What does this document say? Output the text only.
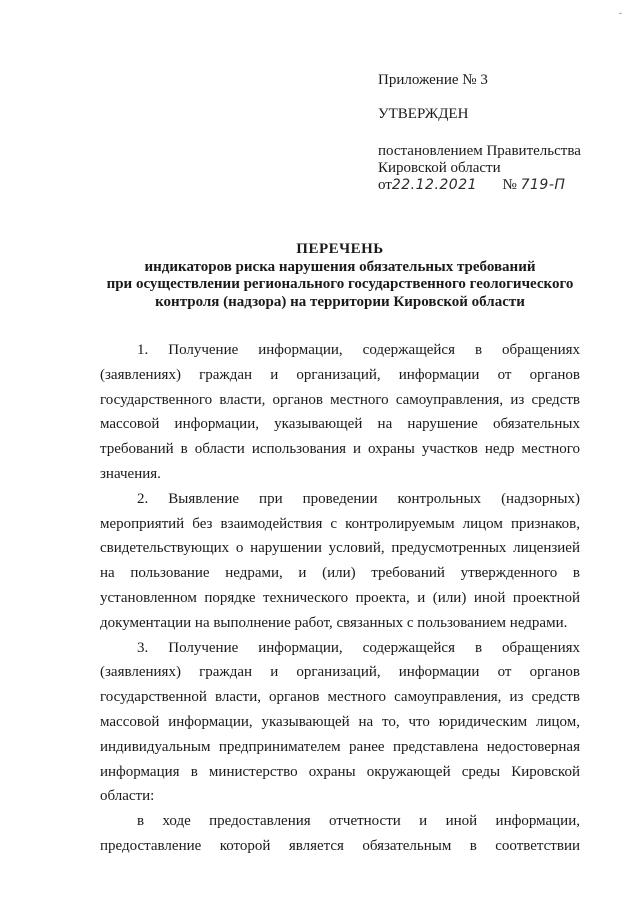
-
Приложение № 3
УТВЕРЖДЕН
постановлением Правительства
Кировской области
от22.12.2021 № 719-П
ПЕРЕЧЕНЬ
индикаторов риска нарушения обязательных требований
при осуществлении регионального государственного геологического
контроля (надзора) на территории Кировской области

1. Получение информации, содержащейся в обращениях (заявлениях) граждан и организаций, информации от органов государственного власти, органов местного самоуправления, из средств массовой информации, указывающей на нарушение обязательных требований в области использования и охраны участков недр местного значения.

2. Выявление при проведении контрольных (надзорных) мероприятий без взаимодействия с контролируемым лицом признаков, свидетельствующих о нарушении условий, предусмотренных лицензией на пользование недрами, и (или) требований утвержденного в установленном порядке технического проекта, и (или) иной проектной документации на выполнение работ, связанных с пользованием недрами.

3. Получение информации, содержащейся в обращениях (заявлениях) граждан и организаций, информации от органов государственной власти, органов местного самоуправления, из средств массовой информации, указывающей на то, что юридическим лицом, индивидуальным предпринимателем ранее представлена недостоверная информация в министерство охраны окружающей среды Кировской области:

в ходе предоставления отчетности и иной информации, предоставление которой является обязательным в соответствии
